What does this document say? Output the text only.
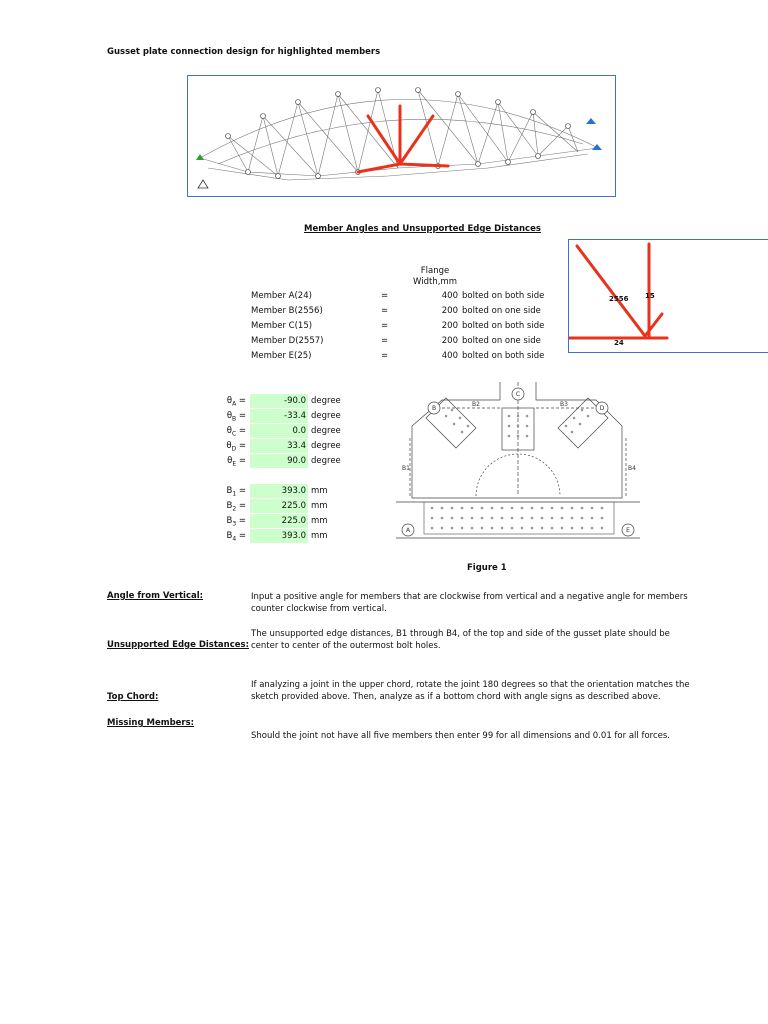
Gusset plate connection design for highlighted members
Member Angles and Unsupported Edge Distances
Flange
Width,mm
Member A(24)	=	400 bolted on both side
Member B(2556)	=	200 bolted on one side
Member C(15)	=	200 bolted on both side
Member D(2557)	=	200 bolted on one side
Member E(25)	=	400 bolted on both side
2556 15
24
$\theta_A$ =	-90.0 degree
$\theta_B$ =	-33.4 degree
$\theta_C$ =	0.0 degree
$\theta_D$ =	33.4 degree
$\theta_E$ =	90.0 degree
$B_1$ =	393.0 mm
$B_2$ =	225.0 mm
$B_3$ =	225.0 mm
$B_4$ =	393.0 mm
A
B
C
D
E
B2	B3
B1	B4
Figure 1
Angle from Vertical:	Input a positive angle for members that are clockwise from vertical and a negative angle for members
counter clockwise from vertical.
Unsupported Edge Distances:
The unsupported edge distances, B1 through B4, of the top and side of the gusset plate should be
center to center of the outermost bolt holes.
Top Chord:
If analyzing a joint in the upper chord, rotate the joint 180 degrees so that the orientation matches the
sketch provided above. Then, analyze as if a bottom chord with angle signs as described above.
Missing Members:
Should the joint not have all five members then enter 99 for all dimensions and 0.01 for all forces.
